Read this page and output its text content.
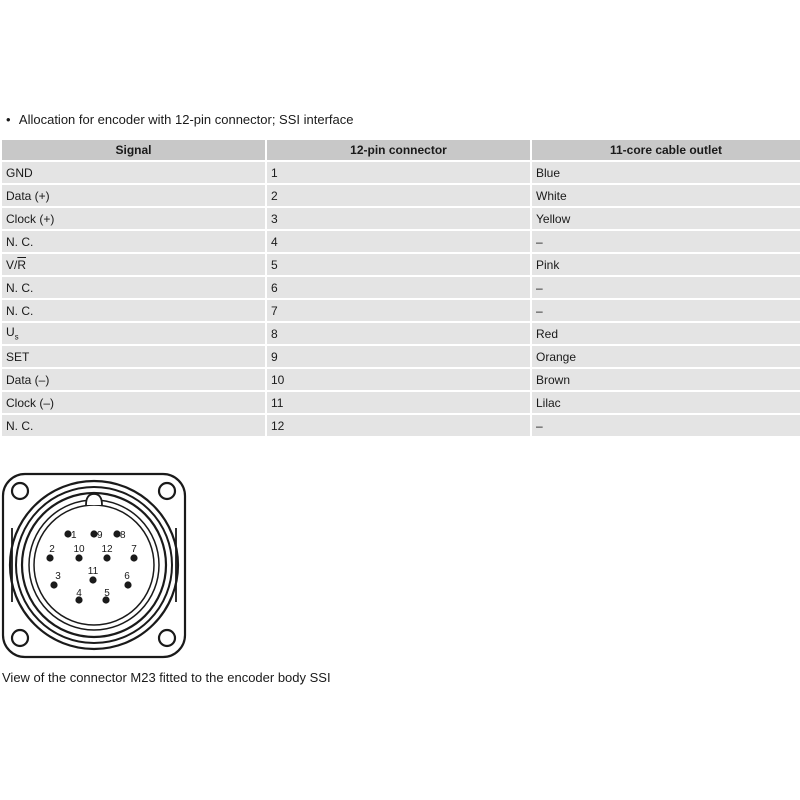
• Allocation for encoder with 12-pin connector; SSI interface
Signal	12-pin connector	11-core cable outlet
GND	1	Blue
Data (+)	2	White
Clock (+)	3	Yellow
N. C.	4	–
$V/\overline{R}$	5	Pink
N. C.	6	–
N. C.	7	–
$U_s$	8	Red
SET	9	Orange
Data (–)	10	Brown
Clock (–)	11	Lilac
N. C.	12	–
1
2
3
4 5
6
7
8
9
10
11
12
View of the connector M23 fitted to the encoder body SSI
